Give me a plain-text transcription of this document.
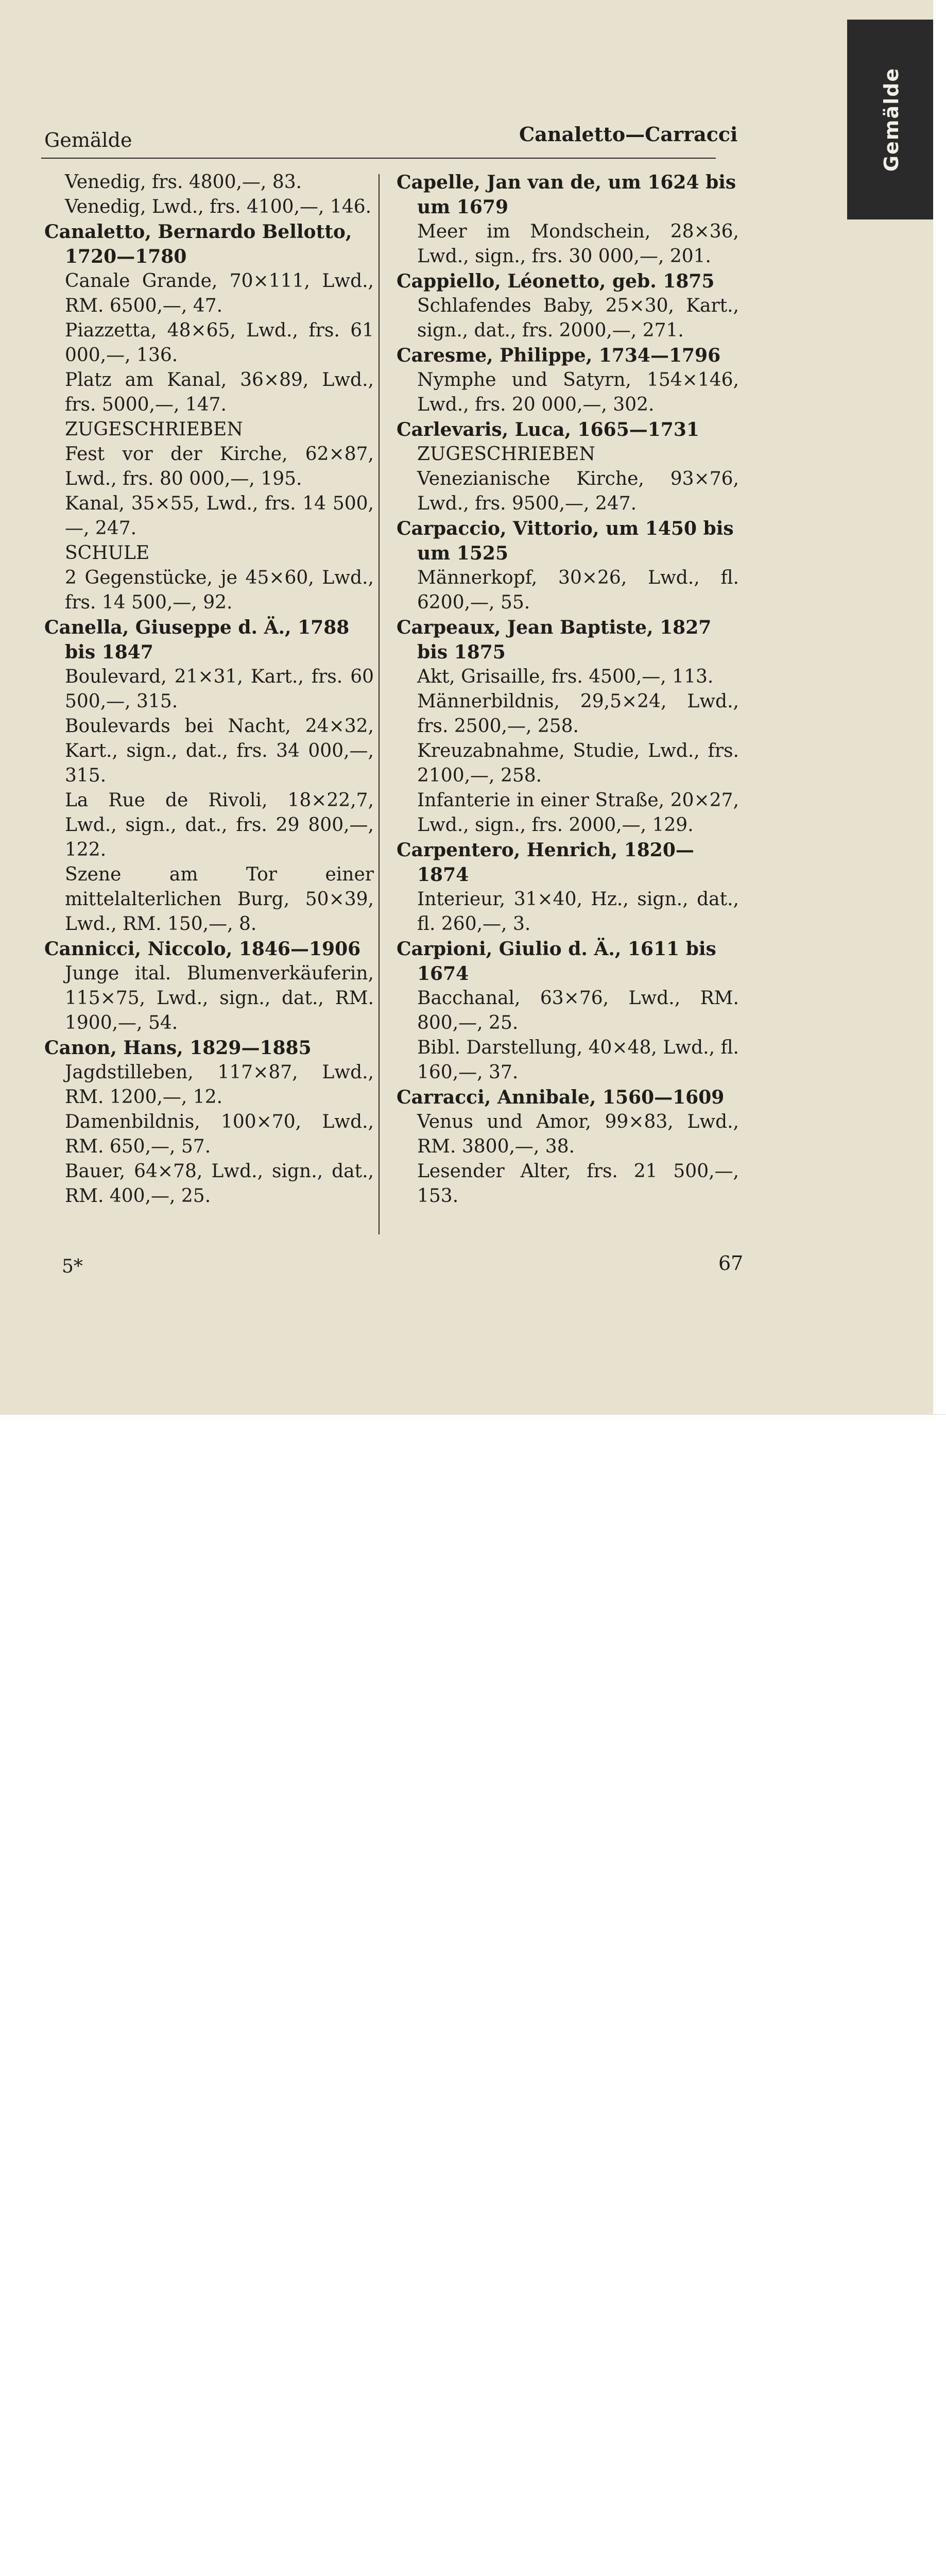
Gemälde
Gemälde	Canaletto—Carracci
Venedig, frs. 4800,—, 83.
Venedig, Lwd., frs. 4100,—, 146.
Canaletto, Bernardo Bellotto, 1720—1780
Canale Grande, 70×111, Lwd., RM. 6500,—, 47.
Piazzetta, 48×65, Lwd., frs. 61 000,—, 136.
Platz am Kanal, 36×89, Lwd., frs. 5000,—, 147.
ZUGESCHRIEBEN
Fest vor der Kirche, 62×87, Lwd., frs. 80 000,—, 195.
Kanal, 35×55, Lwd., frs. 14 500,—, 247.
SCHULE
2 Gegenstücke, je 45×60, Lwd., frs. 14 500,—, 92.
Canella, Giuseppe d. Ä., 1788 bis 1847
Boulevard, 21×31, Kart., frs. 60 500,—, 315.
Boulevards bei Nacht, 24×32, Kart., sign., dat., frs. 34 000,—, 315.
La Rue de Rivoli, 18×22,7, Lwd., sign., dat., frs. 29 800,—, 122.
Szene am Tor einer mittelalterlichen Burg, 50×39, Lwd., RM. 150,—, 8.
Cannicci, Niccolo, 1846—1906
Junge ital. Blumenverkäuferin, 115×75, Lwd., sign., dat., RM. 1900,—, 54.
Canon, Hans, 1829—1885
Jagdstilleben, 117×87, Lwd., RM. 1200,—, 12.
Damenbildnis, 100×70, Lwd., RM. 650,—, 57.
Bauer, 64×78, Lwd., sign., dat., RM. 400,—, 25.
Capelle, Jan van de, um 1624 bis um 1679
Meer im Mondschein, 28×36, Lwd., sign., frs. 30 000,—, 201.
Cappiello, Léonetto, geb. 1875
Schlafendes Baby, 25×30, Kart., sign., dat., frs. 2000,—, 271.
Caresme, Philippe, 1734—1796
Nymphe und Satyrn, 154×146, Lwd., frs. 20 000,—, 302.
Carlevaris, Luca, 1665—1731
ZUGESCHRIEBEN
Venezianische Kirche, 93×76, Lwd., frs. 9500,—, 247.
Carpaccio, Vittorio, um 1450 bis um 1525
Männerkopf, 30×26, Lwd., fl. 6200,—, 55.
Carpeaux, Jean Baptiste, 1827 bis 1875
Akt, Grisaille, frs. 4500,—, 113.
Männerbildnis, 29,5×24, Lwd., frs. 2500,—, 258.
Kreuzabnahme, Studie, Lwd., frs. 2100,—, 258.
Infanterie in einer Straße, 20×27, Lwd., sign., frs. 2000,—, 129.
Carpentero, Henrich, 1820—1874
Interieur, 31×40, Hz., sign., dat., fl. 260,—, 3.
Carpioni, Giulio d. Ä., 1611 bis 1674
Bacchanal, 63×76, Lwd., RM. 800,—, 25.
Bibl. Darstellung, 40×48, Lwd., fl. 160,—, 37.
Carracci, Annibale, 1560—1609
Venus und Amor, 99×83, Lwd., RM. 3800,—, 38.
Lesender Alter, frs. 21 500,—, 153.
5*	67
